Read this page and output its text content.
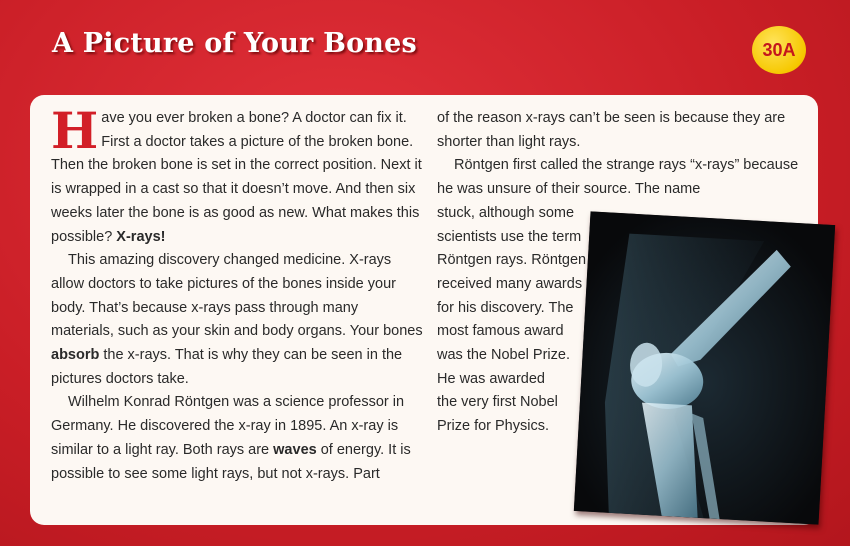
A Picture of Your Bones	30A

Have you ever broken a bone? A doctor can fix it. First a doctor takes a picture of the broken bone. Then the broken bone is set in the correct position. Next it is wrapped in a cast so that it doesn’t move. And then six weeks later the bone is as good as new. What makes this possible? X-rays!

This amazing discovery changed medicine. X-rays allow doctors to take pictures of the bones inside your body. That’s because x-rays pass through many materials, such as your skin and body organs. Your bones absorb the x-rays. That is why they can be seen in the pictures doctors take.

Wilhelm Konrad Röntgen was a science professor in Germany. He discovered the x-ray in 1895. An x-ray is similar to a light ray. Both rays are waves of energy. It is possible to see some light rays, but not x-rays. Part

of the reason x-rays can’t be seen is because they are shorter than light rays.

Röntgen first called the strange rays “x-rays” because he was unsure of their source. The name

stuck, although some
scientists use the term
Röntgen rays. Röntgen
received many awards
for his discovery. The
most famous award
was the Nobel Prize.
He was awarded
the very first Nobel
Prize for Physics.
